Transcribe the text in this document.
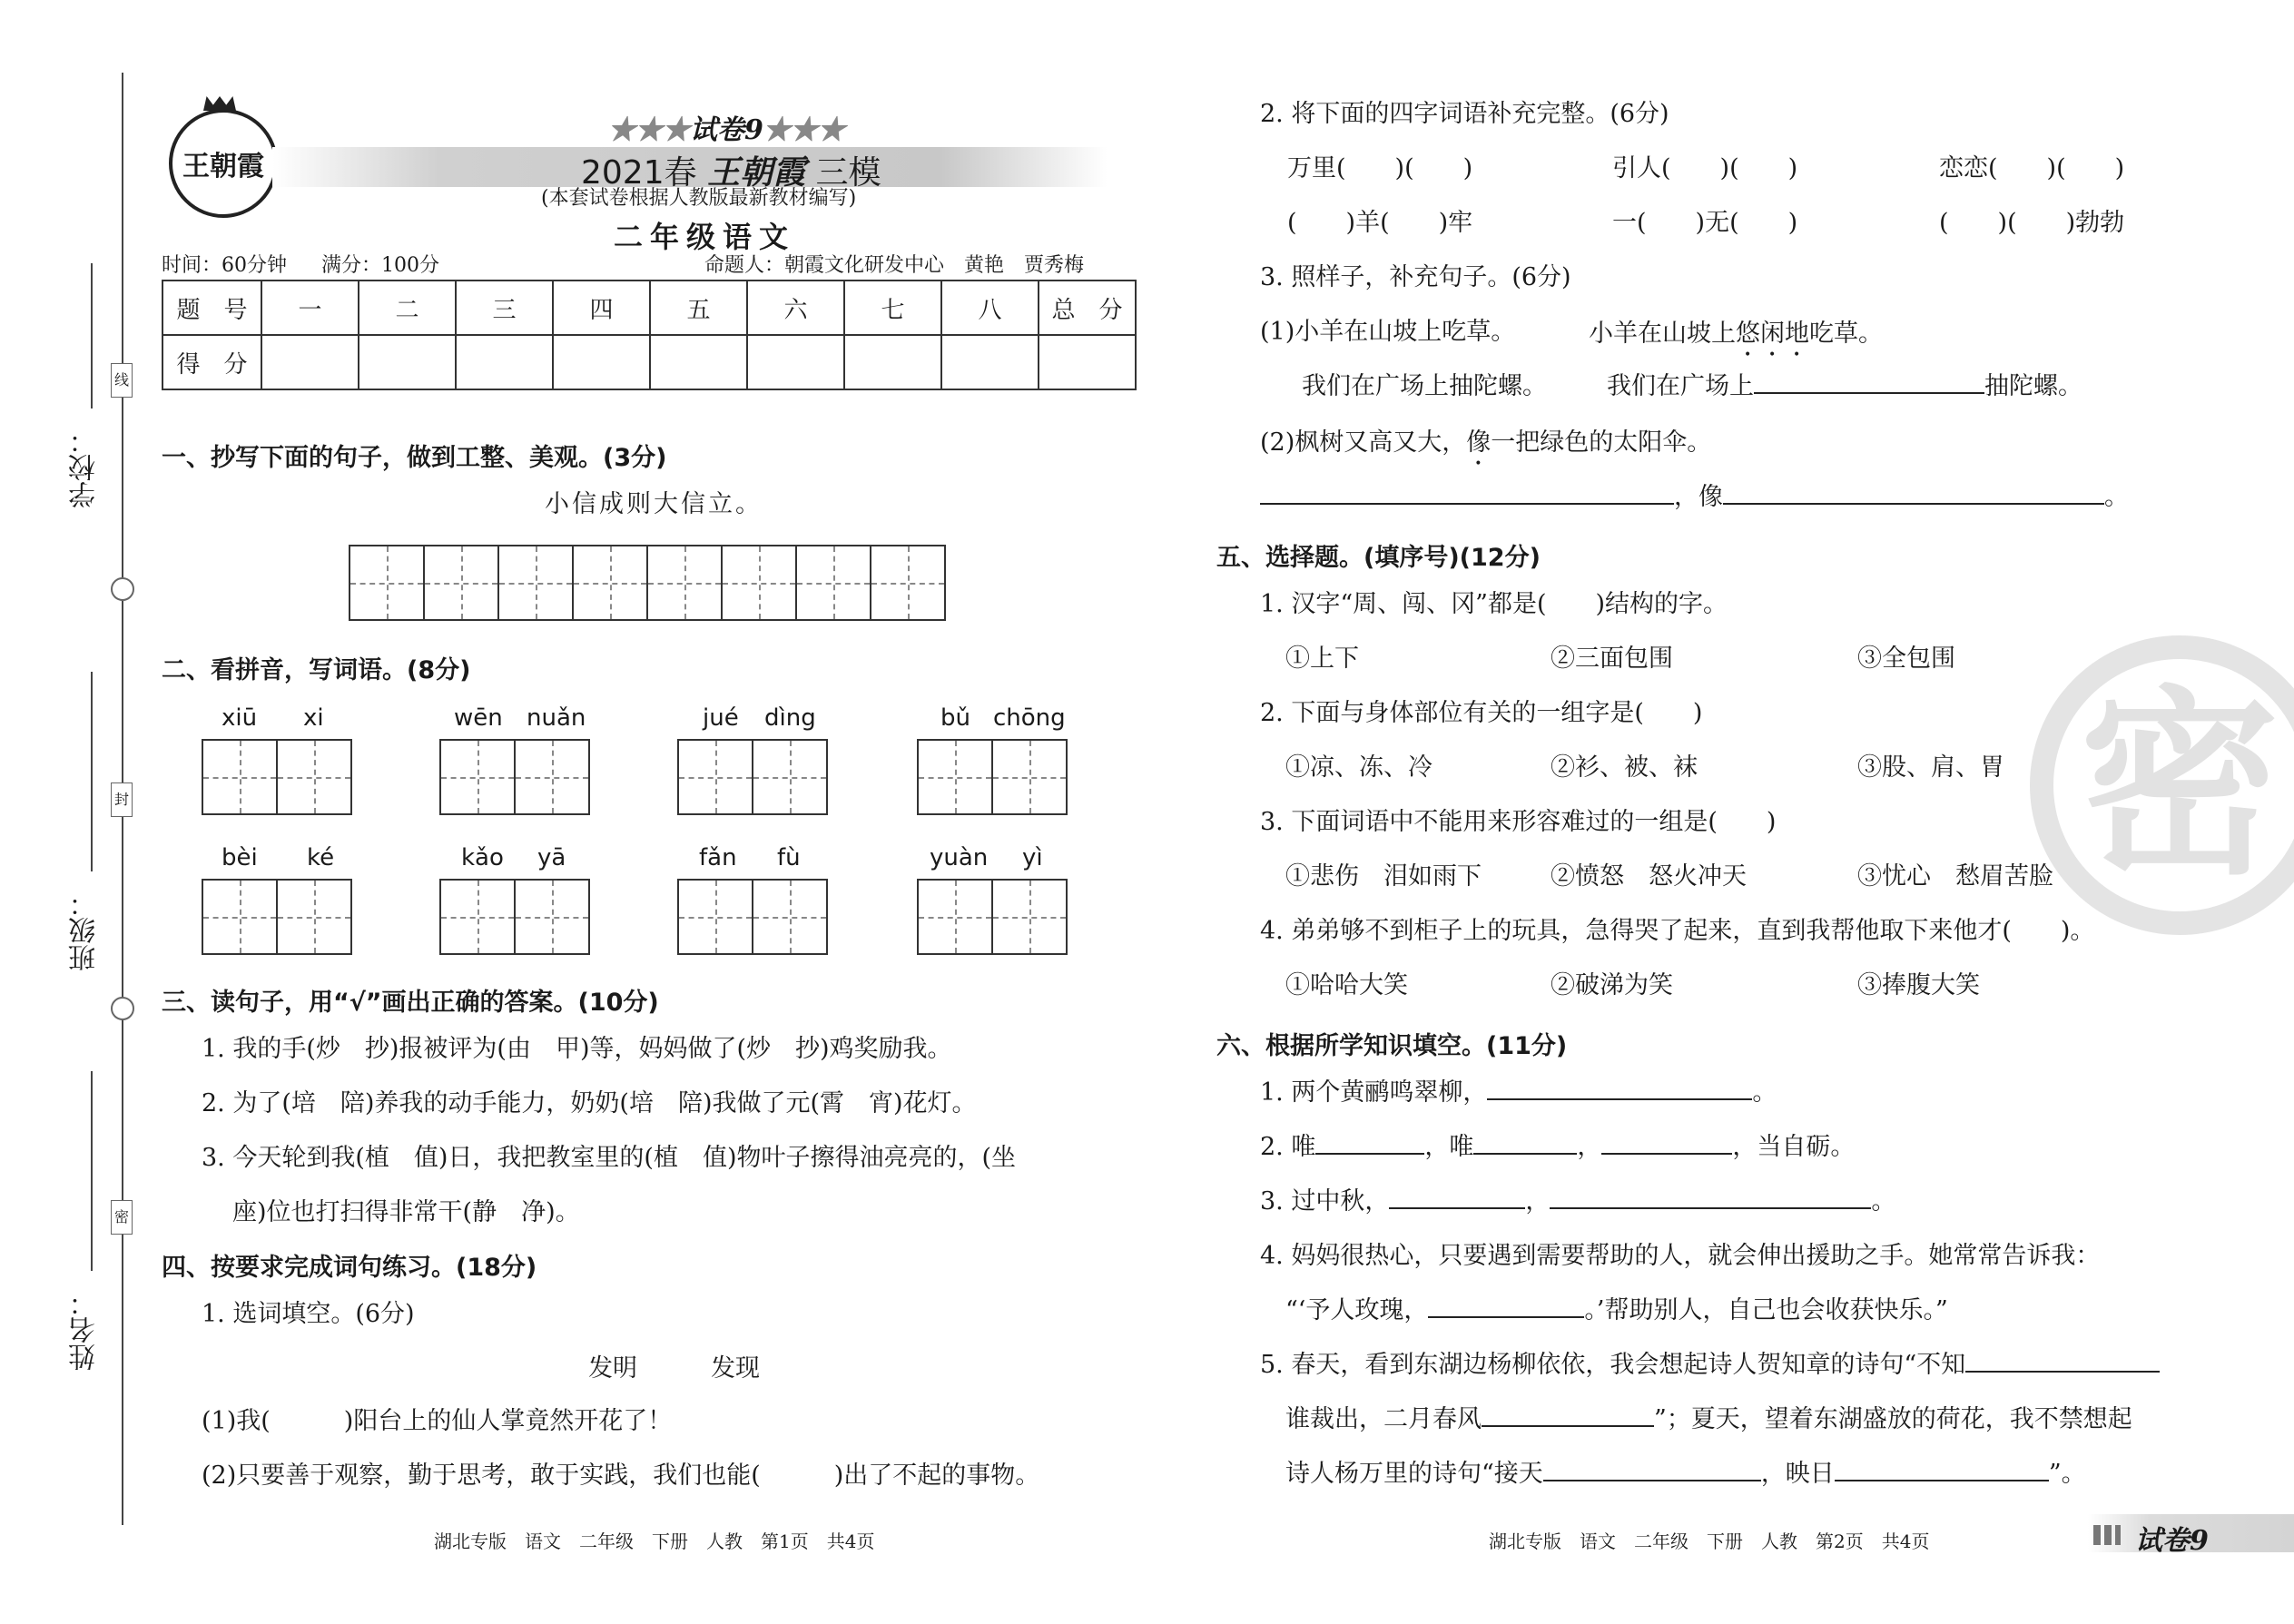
学校：
班级：
姓名：
线
封
密
王朝霞
★★★试卷9★★★
2021春 王朝霞 三模
(本套试卷根据人教版最新教材编写)
二年级语文
时间：60分钟 满分：100分	命题人：朝霞文化研发中心　黄艳　贾秀梅
题　号	一	二	三	四	五	六	七	八	总　分
得　分									
一、抄写下面的句子，做到工整、美观。(3分)
小信成则大信立。
二、看拼音，写词语。(8分)
xiū xi	wēn nuǎn	jué dìng	bǔ chōng
bèi ké	kǎo yā	fǎn fù	yuàn yì
三、读句子，用“√”画出正确的答案。(10分)
1. 我的手(炒　抄)报被评为(由　甲)等，妈妈做了(炒　抄)鸡奖励我。
2. 为了(培　陪)养我的动手能力，奶奶(培　陪)我做了元(霄　宵)花灯。
3. 今天轮到我(植　值)日，我把教室里的(植　值)物叶子擦得油亮亮的，(坐
座)位也打扫得非常干(静　净)。
四、按要求完成词句练习。(18分)
1. 选词填空。(6分)
发明　　　发现
(1)我(　　　)阳台上的仙人掌竟然开花了！
(2)只要善于观察，勤于思考，敢于实践，我们也能(　　　)出了不起的事物。
湖北专版　语文　二年级　下册　人教　第1页　共4页
2. 将下面的四字词语补充完整。(6分)
万里(　　)(　　)	引人(　　)(　　)	恋恋(　　)(　　)
(　　)羊(　　)牢	一(　　)无(　　)	(　　)(　　)勃勃
3. 照样子，补充句子。(6分)
(1)小羊在山坡上吃草。	小羊在山坡上悠闲地吃草。
我们在广场上抽陀螺。 我们在广场上	抽陀螺。
(2)枫树又高又大，像一把绿色的太阳伞。
，像	。
五、选择题。(填序号)(12分)
1. 汉字“周、闯、冈”都是(　　)结构的字。
①上下	②三面包围	③全包围
2. 下面与身体部位有关的一组字是(　　)
①凉、冻、冷	②衫、被、袜	③股、肩、胃
3. 下面词语中不能用来形容难过的一组是(　　)
①悲伤　泪如雨下	②愤怒　怒火冲天	③忧心　愁眉苦脸
4. 弟弟够不到柜子上的玩具，急得哭了起来，直到我帮他取下来他才(　　)。
①哈哈大笑	②破涕为笑	③捧腹大笑
六、根据所学知识填空。(11分)
1. 两个黄鹂鸣翠柳，	。
2. 唯	，唯	，	，当自砺。
3. 过中秋，	，	。
4. 妈妈很热心，只要遇到需要帮助的人，就会伸出援助之手。她常常告诉我：
“‘予人玫瑰，	。’帮助别人，自己也会收获快乐。”
5. 春天，看到东湖边杨柳依依，我会想起诗人贺知章的诗句“不知
谁裁出，二月春风	”；夏天，望着东湖盛放的荷花，我不禁想起
诗人杨万里的诗句“接天	，映日	”。
密
湖北专版　语文　二年级　下册　人教　第2页　共4页	试卷9
